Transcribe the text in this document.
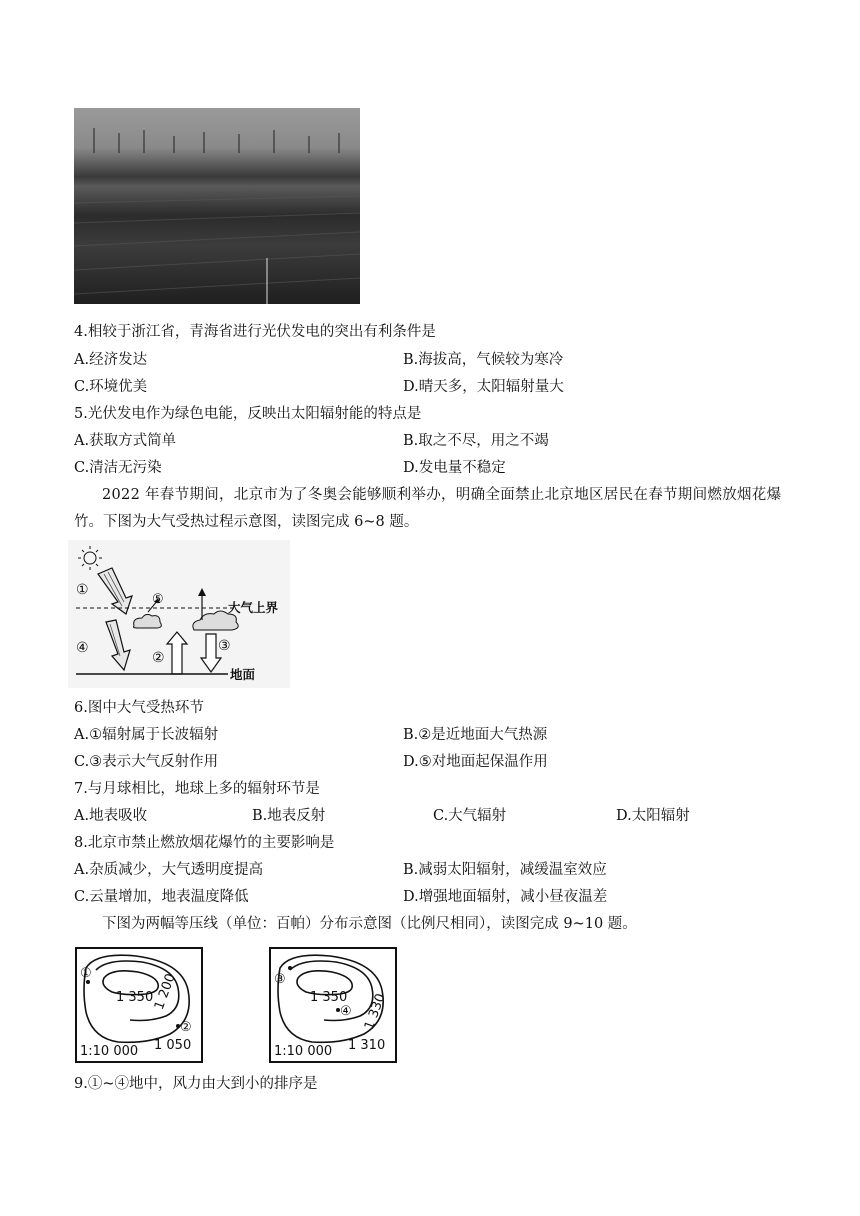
4.相较于浙江省，青海省进行光伏发电的突出有利条件是
A.经济发达	B.海拔高，气候较为寒冷
C.环境优美	D.晴天多，太阳辐射量大
5.光伏发电作为绿色电能，反映出太阳辐射能的特点是
A.获取方式简单	B.取之不尽，用之不竭
C.清洁无污染	D.发电量不稳定
2022 年春节期间，北京市为了冬奥会能够顺利举办，明确全面禁止北京地区居民在春节期间燃放烟花爆
竹。下图为大气受热过程示意图，读图完成 6~8 题。
①
⑤
④
②
③
大气上界
地面
6.图中大气受热环节
A.①辐射属于长波辐射	B.②是近地面大气热源
C.③表示大气反射作用	D.⑤对地面起保温作用
7.与月球相比，地球上多的辐射环节是
A.地表吸收	B.地表反射	C.大气辐射	D.太阳辐射
8.北京市禁止燃放烟花爆竹的主要影响是
A.杂质减少，大气透明度提高	B.减弱太阳辐射，减缓温室效应
C.云量增加，地表温度降低	D.增强地面辐射，减小昼夜温差
下图为两幅等压线（单位：百帕）分布示意图（比例尺相同），读图完成 9~10 题。
①
②
1 350
1 200
1 050
1:10 000
③
④
1 350 1 330
1 310
1:10 000
9.①~④地中，风力由大到小的排序是
